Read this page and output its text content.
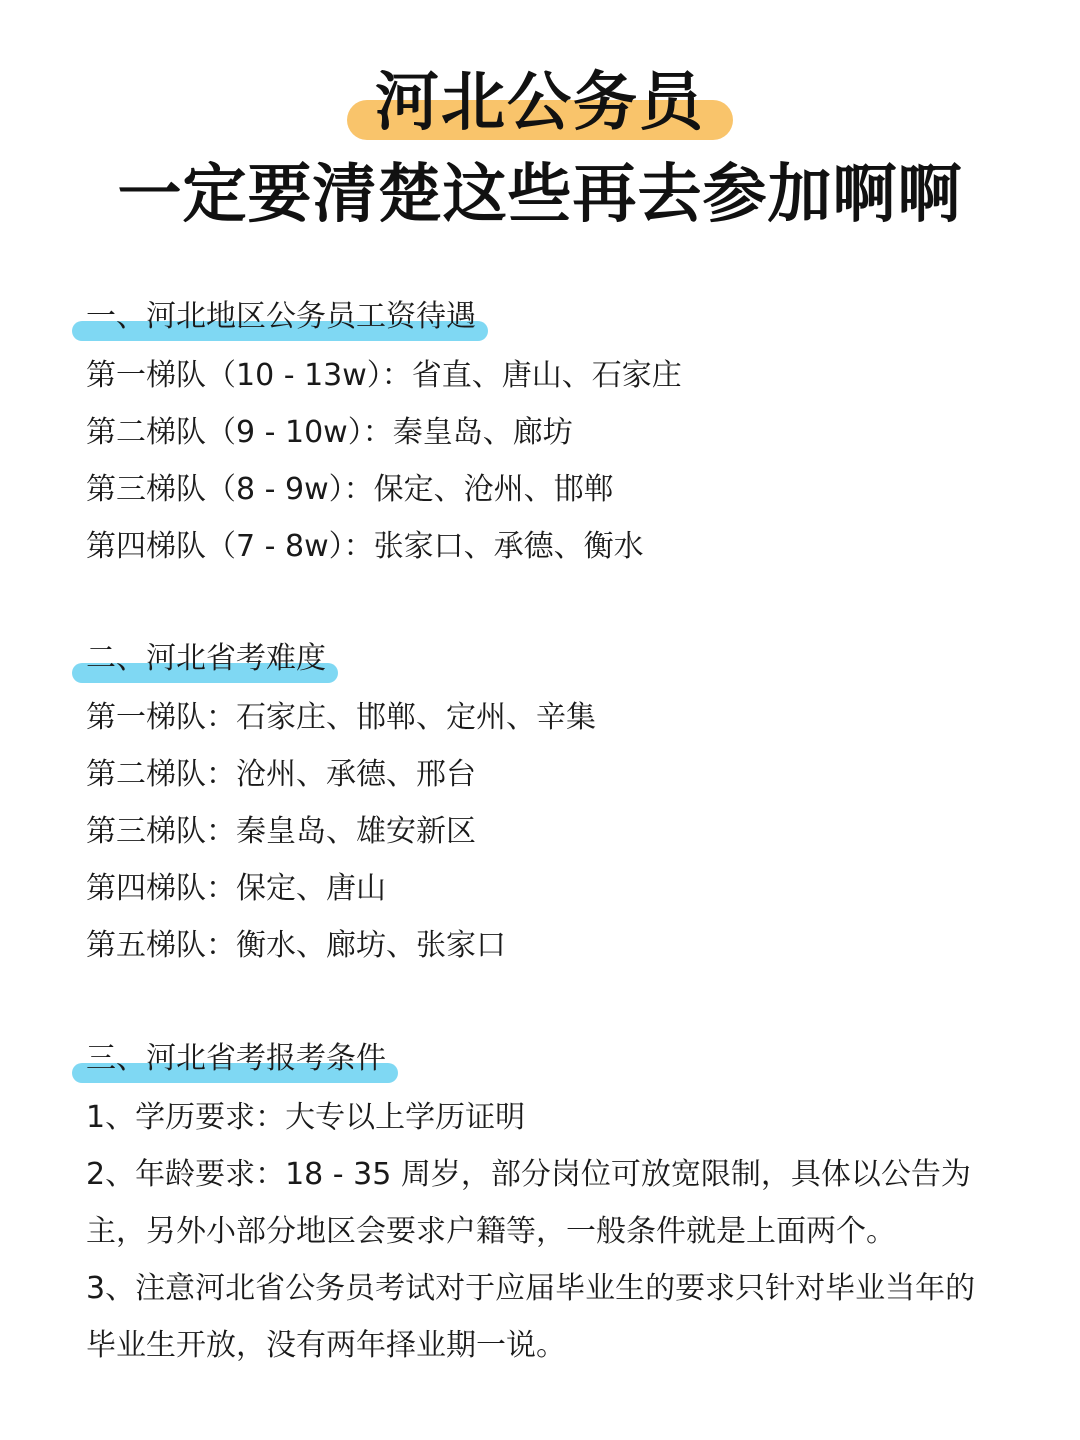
河北公务员
一定要清楚这些再去参加啊啊
一、河北地区公务员工资待遇
第一梯队（10 - 13w）：省直、唐山、石家庄
第二梯队（9 - 10w）：秦皇岛、廊坊
第三梯队（8 - 9w）：保定、沧州、邯郸
第四梯队（7 - 8w）：张家口、承德、衡水
二、河北省考难度
第一梯队：石家庄、邯郸、定州、辛集
第二梯队：沧州、承德、邢台
第三梯队：秦皇岛、雄安新区
第四梯队：保定、唐山
第五梯队：衡水、廊坊、张家口
三、河北省考报考条件
1、学历要求：大专以上学历证明
2、年龄要求：18 - 35 周岁，部分岗位可放宽限制，具体以公告为主，另外小部分地区会要求户籍等，一般条件就是上面两个。
3、注意河北省公务员考试对于应届毕业生的要求只针对毕业当年的毕业生开放，没有两年择业期一说。
